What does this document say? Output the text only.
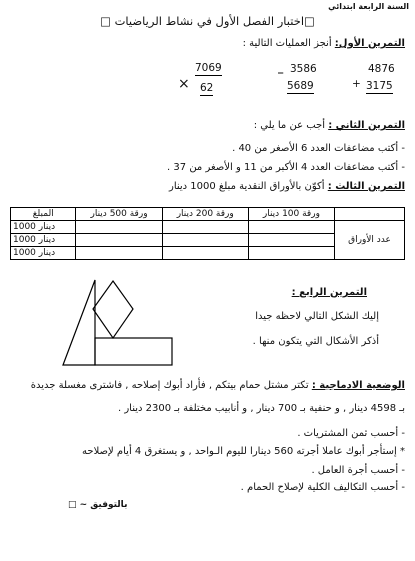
السنة الرابعة ابتدائي
□اختبار الفصل الأول في نشاط الرياضيات □
التمرين الأول: أنجز العمليات التالية :
4876
+ 3175
3586
_
5689
7069
× 62
التمرين الثاني : أجب عن ما يلي :
- أكتب مضاعفات العدد 6 الأصغر من 40 .
- أكتب مضاعفات العدد 4 الأكبر من 11 و الأصغر من 37 .
التمرين الثالث : أكوّن بالأوراق النقدية مبلغ 1000 دينار
	ورقة 100 دينار	ورقة 200 دينار	ورقة 500 دينار	المبلغ
عدد الأوراق				1000 دينار
				1000 دينار
				1000 دينار
التمرين الرابع :
إليك الشكل التالي لاحظه جيدا
أذكر الأشكال التي يتكون منها .
الوضعية الادماجية : تكتر مشتل حمام بيتكم , فأراد أبوك إصلاحه , فاشترى مغسلة جديدة
بـ 4598 دينار , و حنفية بـ 700 دينار , و أنابيب مختلفة بـ 2300 دينار .
- أحسب ثمن المشتريات .
* إستأجر أبوك عاملا أجرته 560 دينارا لليوم الـواحد , و يستغرق 4 أيام لإصلاحه
- أحسب أجرة العامل .
- أحسب التكاليف الكلية لإصلاح الحمام .
بالتوفيق ~ □
